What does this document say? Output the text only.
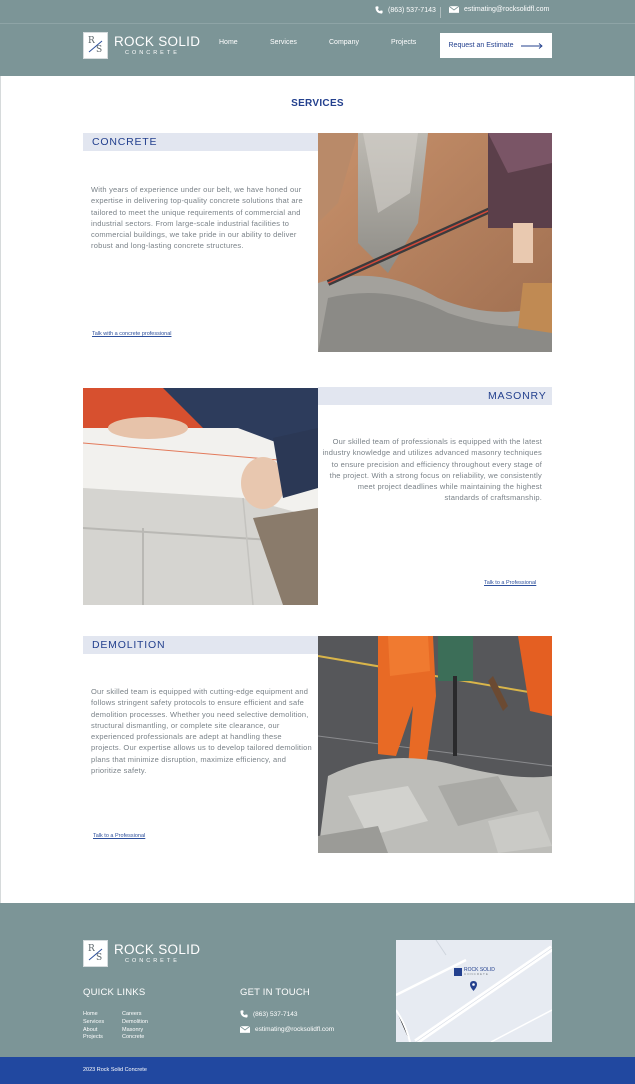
(863) 537-7143	estimating@rocksolidfl.com
R
S
ROCK SOLID
CONCRETE
Home	Services	Company	Projects	Request an Estimate
SERVICES
CONCRETE
With years of experience under our belt, we have honed our expertise in delivering top-quality concrete solutions that are tailored to meet the unique requirements of commercial and industrial sectors. From large-scale industrial facilities to commercial buildings, we take pride in our ability to deliver robust and long-lasting concrete structures.
Talk with a concrete professional
MASONRY
Our skilled team of professionals is equipped with the latest industry knowledge and utilizes advanced masonry techniques to ensure precision and efficiency throughout every stage of the project. With a strong focus on reliability, we consistently meet project deadlines while maintaining the highest standards of craftsmanship.
Talk to a Professional
DEMOLITION
Our skilled team is equipped with cutting-edge equipment and follows stringent safety protocols to ensure efficient and safe demolition processes. Whether you need selective demolition, structural dismantling, or complete site clearance, our experienced professionals are adept at handling these projects. Our expertise allows us to develop tailored demolition plans that minimize disruption, maximize efficiency, and prioritize safety.
Talk to a Professional
R
S
ROCK SOLID
CONCRETE
QUICK LINKS
Home
Services
About
Projects
Careers
Demolition
Masonry
Concrete
GET IN TOUCH
(863) 537-7143
estimating@rocksolidfl.com
ROCK SOLID
CONCRETE
2023 Rock Solid Concrete
